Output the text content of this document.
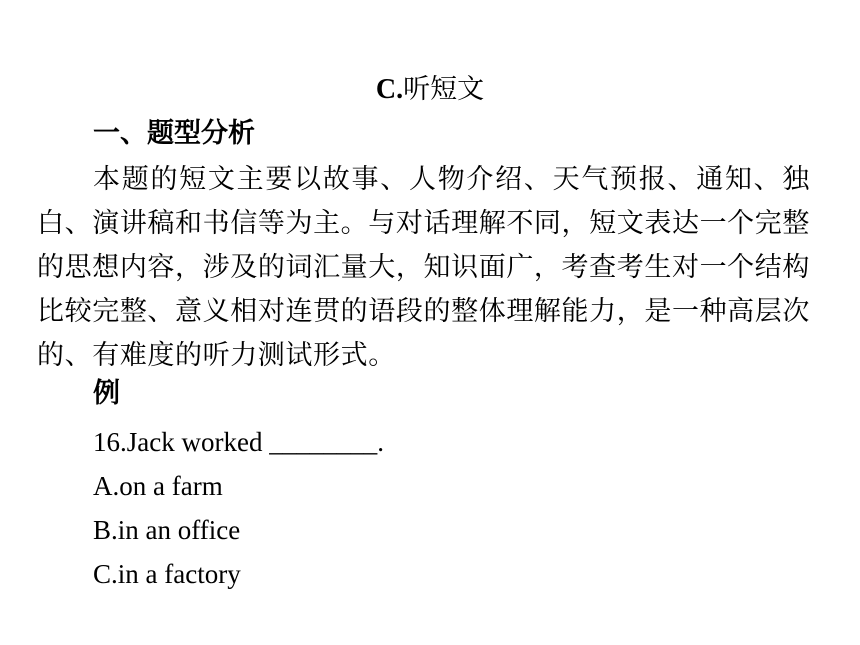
C.听短文
一、题型分析

本题的短文主要以故事、人物介绍、天气预报、通知、独白、演讲稿和书信等为主。与对话理解不同，短文表达一个完整的思想内容，涉及的词汇量大，知识面广，考查考生对一个结构比较完整、意义相对连贯的语段的整体理解能力，是一种高层次的、有难度的听力测试形式。

例
16.Jack worked ________.
A.on a farm
B.in an office
C.in a factory
